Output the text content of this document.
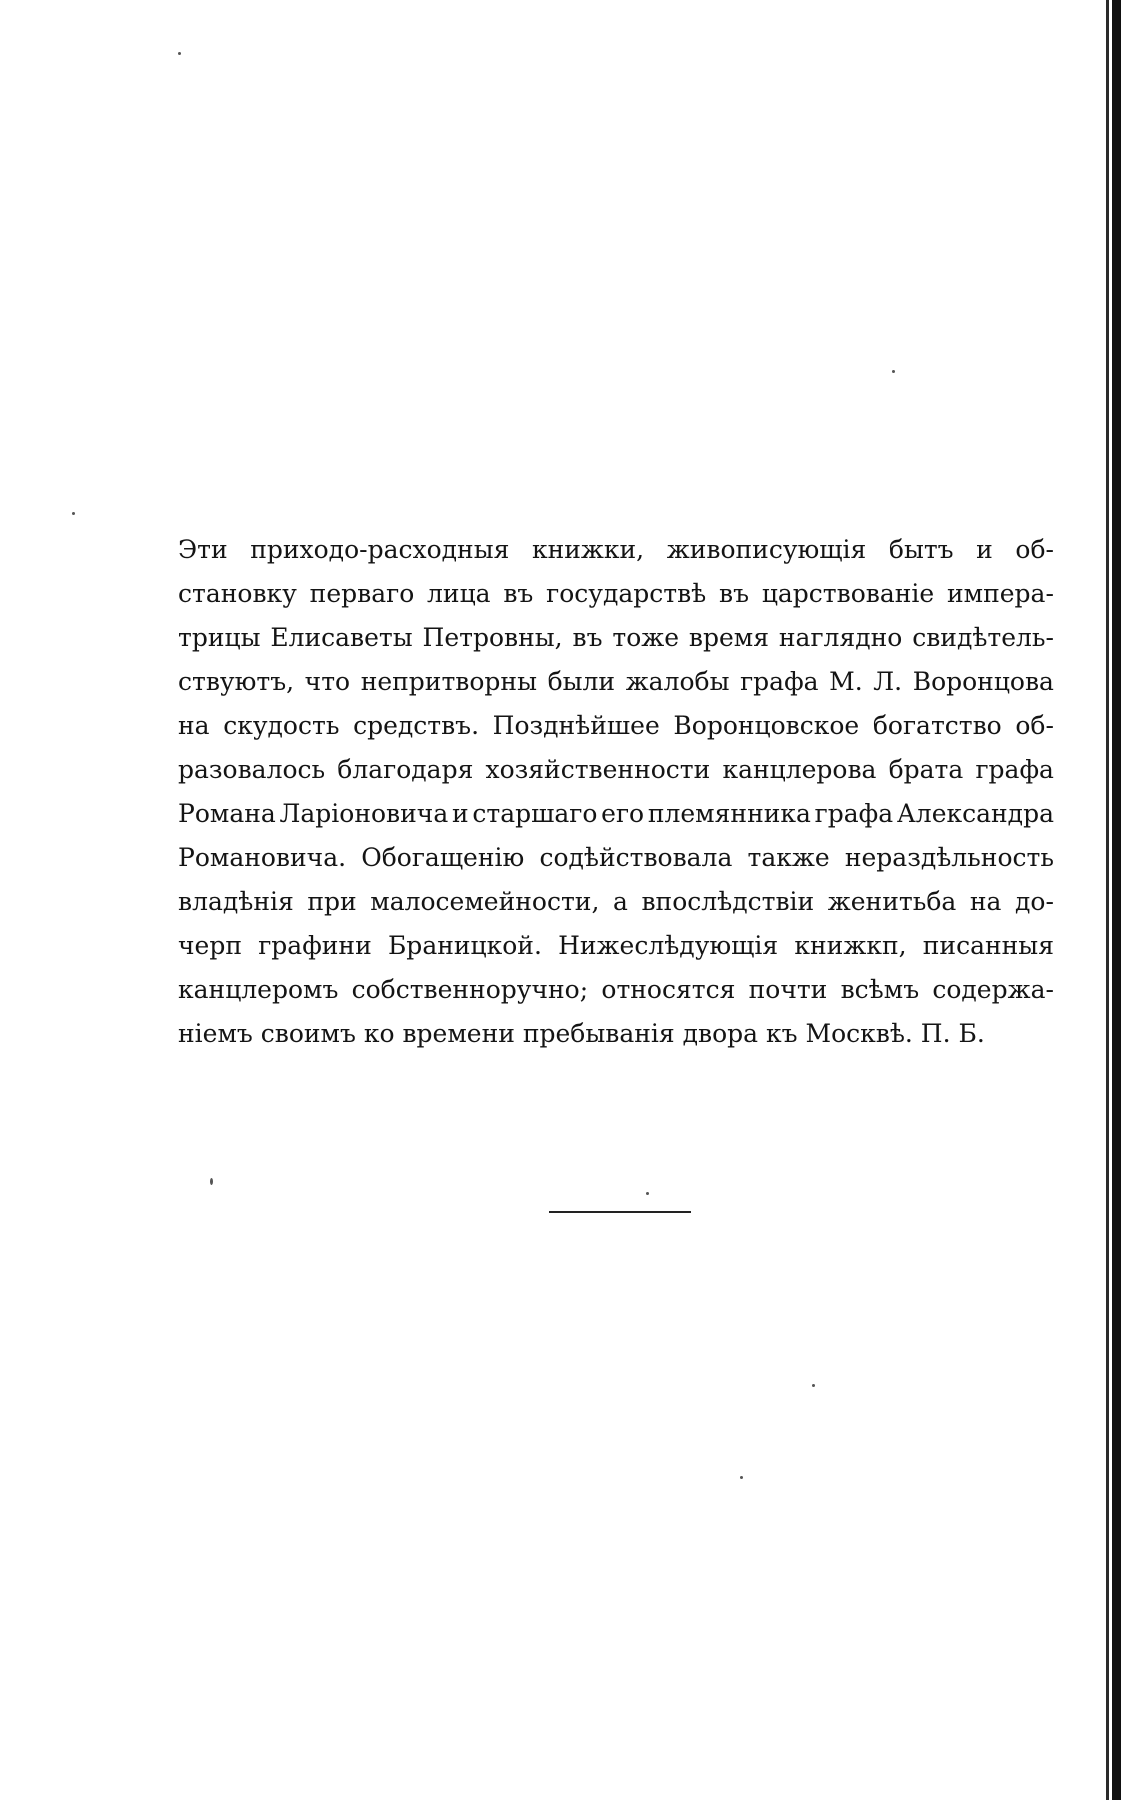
Эти приходо-расходныя книжки, живописующія бытъ и об-
становку перваго лица въ государствѣ въ царствованіе импера-
трицы Елисаветы Петровны, въ тоже время наглядно свидѣтель-
ствуютъ, что непритворны были жалобы графа М. Л. Воронцова
на скудость средствъ. Позднѣйшее Воронцовское богатство об-
разовалось благодаря хозяйственности канцлерова брата графа
Романа Ларіоновича и старшаго его племянника графа Александра
Романовича. Обогащенію содѣйствовала также нераздѣльность
владѣнія при малосемейности, а впослѣдствіи женитьба на до-
черп графини Браницкой. Нижеслѣдующія книжкп, писанныя
канцлеромъ собственноручно; относятся почти всѣмъ содержа-
ніемъ своимъ ко времени пребыванія двора къ Москвѣ. П. Б.
